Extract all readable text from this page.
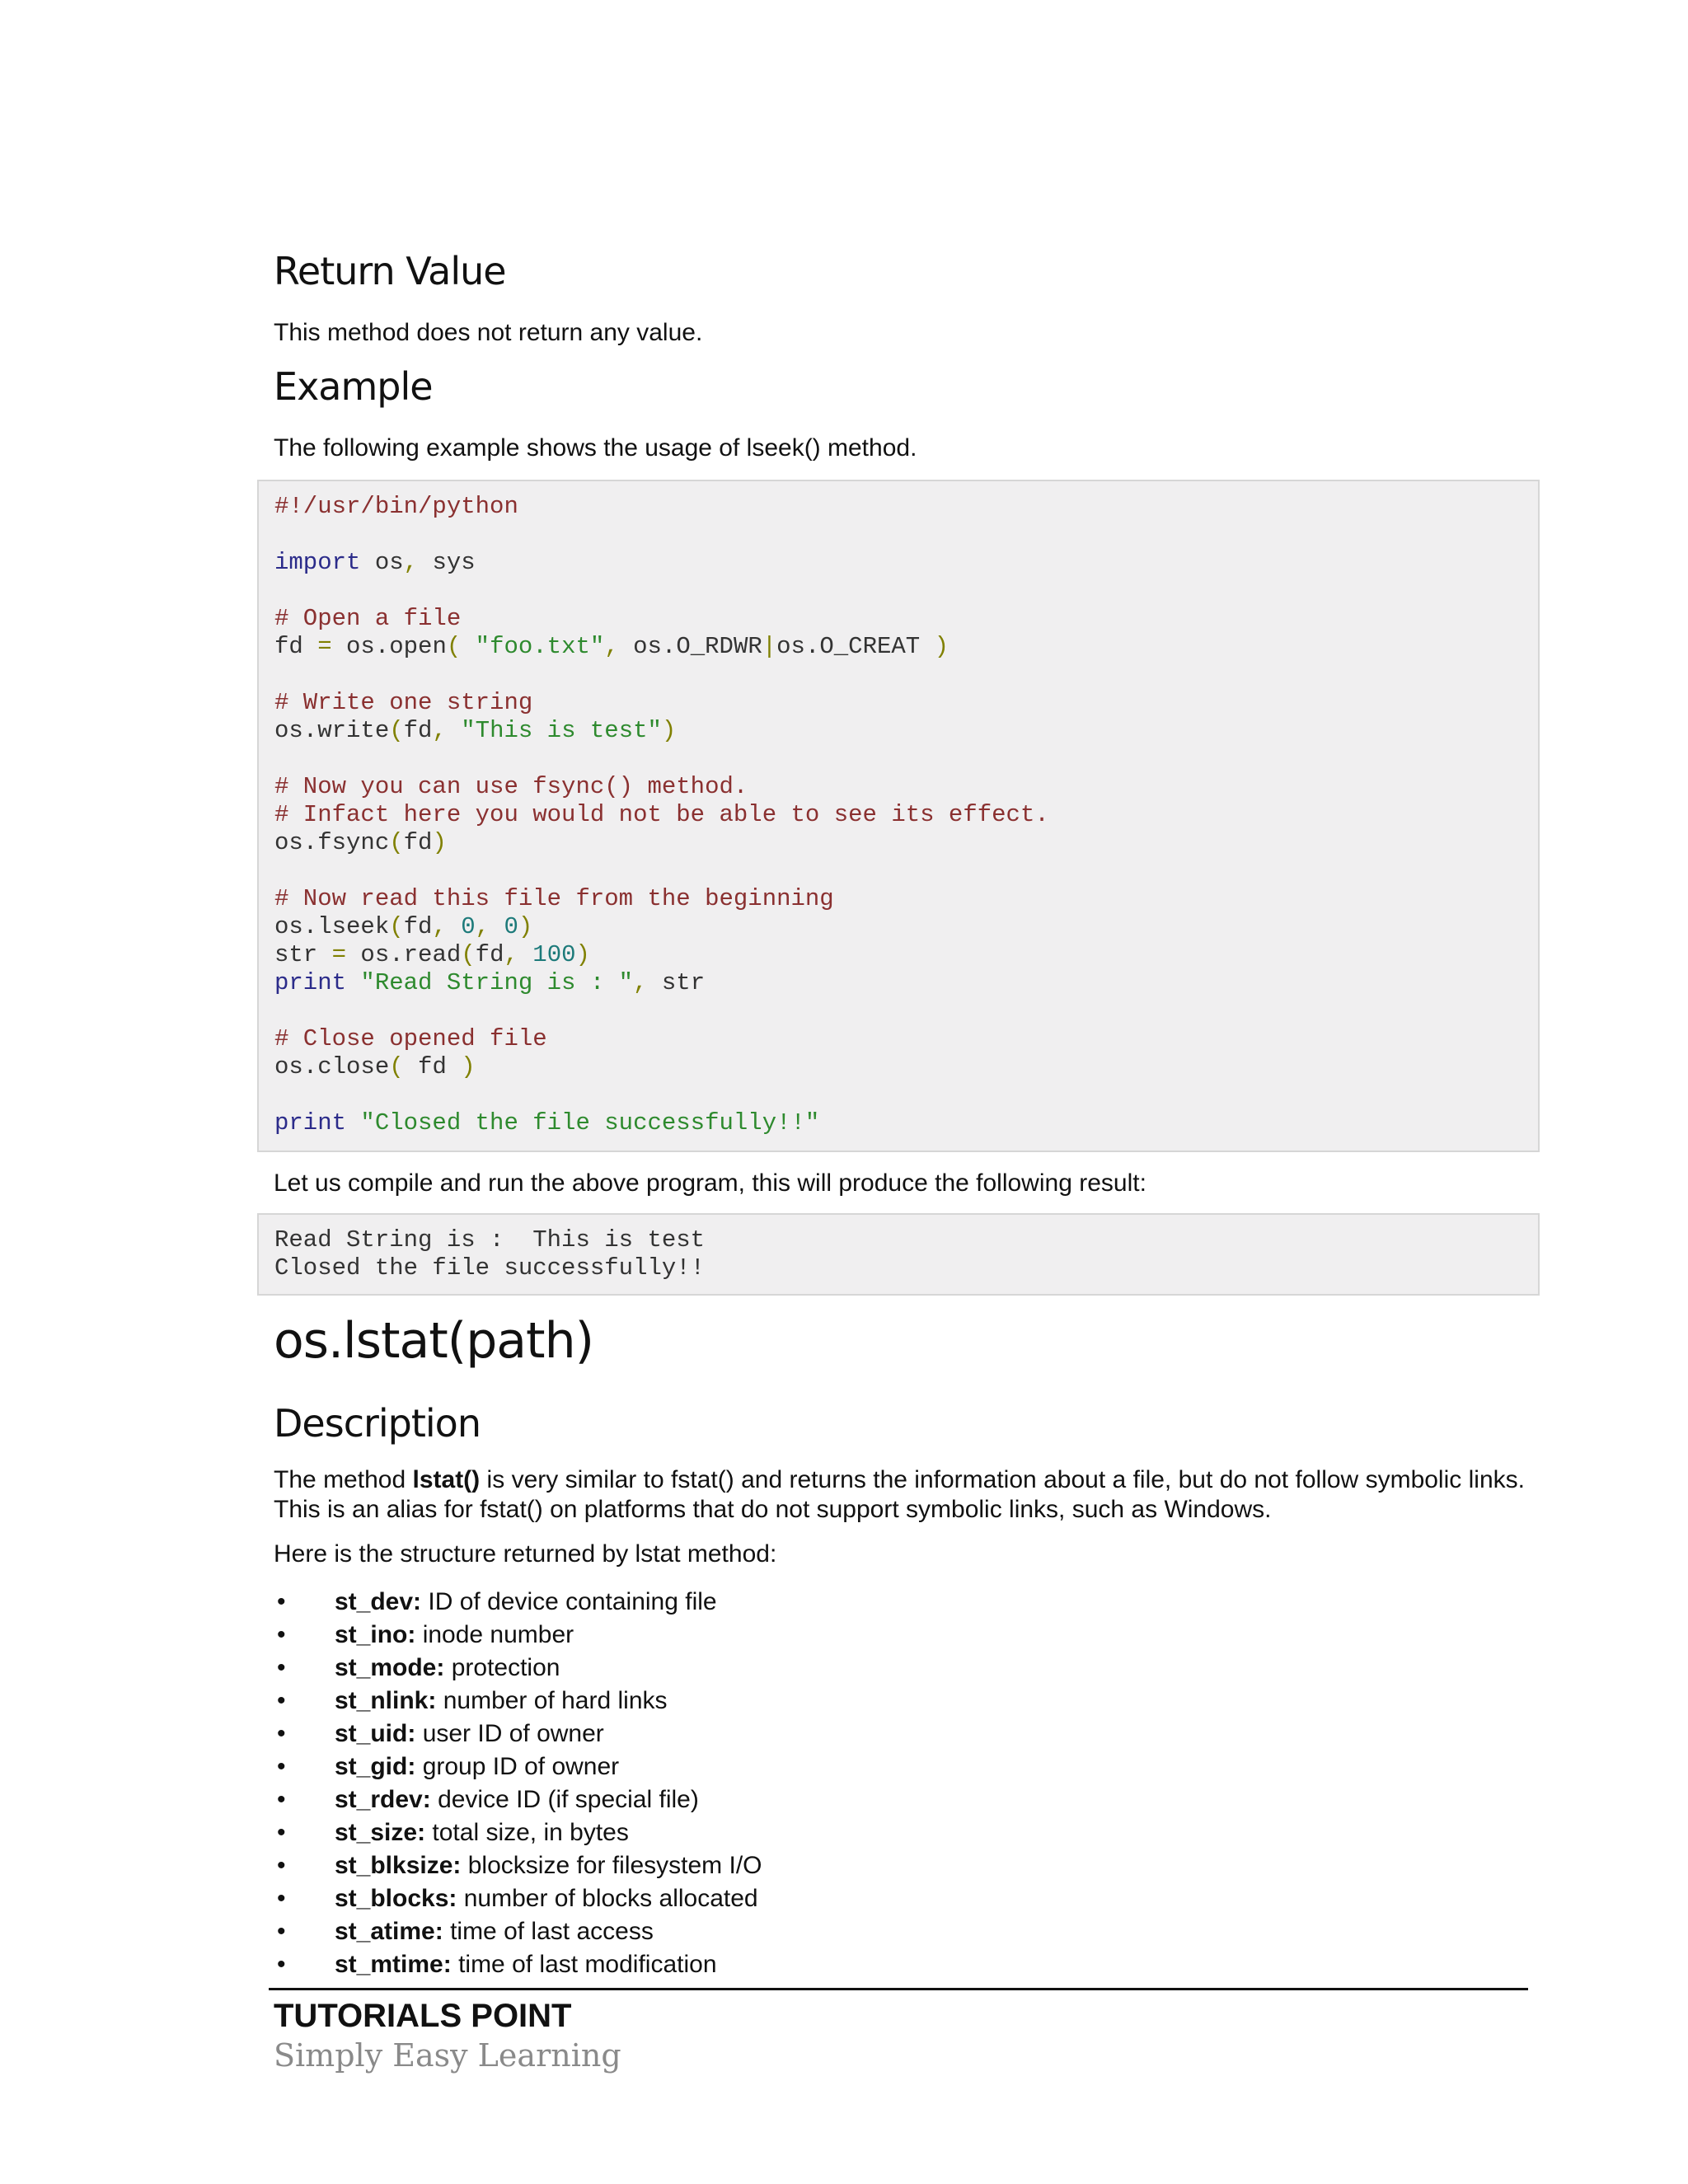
Return Value

This method does not return any value.

Example

The following example shows the usage of lseek() method.

#!/usr/bin/python

import os, sys

# Open a file
fd = os.open( "foo.txt", os.O_RDWR|os.O_CREAT )

# Write one string
os.write(fd, "This is test")

# Now you can use fsync() method.
# Infact here you would not be able to see its effect.
os.fsync(fd)

# Now read this file from the beginning
os.lseek(fd, 0, 0)
str = os.read(fd, 100)
print "Read String is : ", str

# Close opened file
os.close( fd )

print "Closed the file successfully!!"

Let us compile and run the above program, this will produce the following result:

Read String is :  This is test
Closed the file successfully!!
os.lstat(path)
Description

The method lstat() is very similar to fstat() and returns the information about a file, but do not follow symbolic links. This is an alias for fstat() on platforms that do not support symbolic links, such as Windows.

Here is the structure returned by lstat method:

• st_dev: ID of device containing file
• st_ino: inode number
• st_mode: protection
• st_nlink: number of hard links
• st_uid: user ID of owner
• st_gid: group ID of owner
• st_rdev: device ID (if special file)
• st_size: total size, in bytes
• st_blksize: blocksize for filesystem I/O
• st_blocks: number of blocks allocated
• st_atime: time of last access
• st_mtime: time of last modification
TUTORIALS POINT
Simply Easy Learning
